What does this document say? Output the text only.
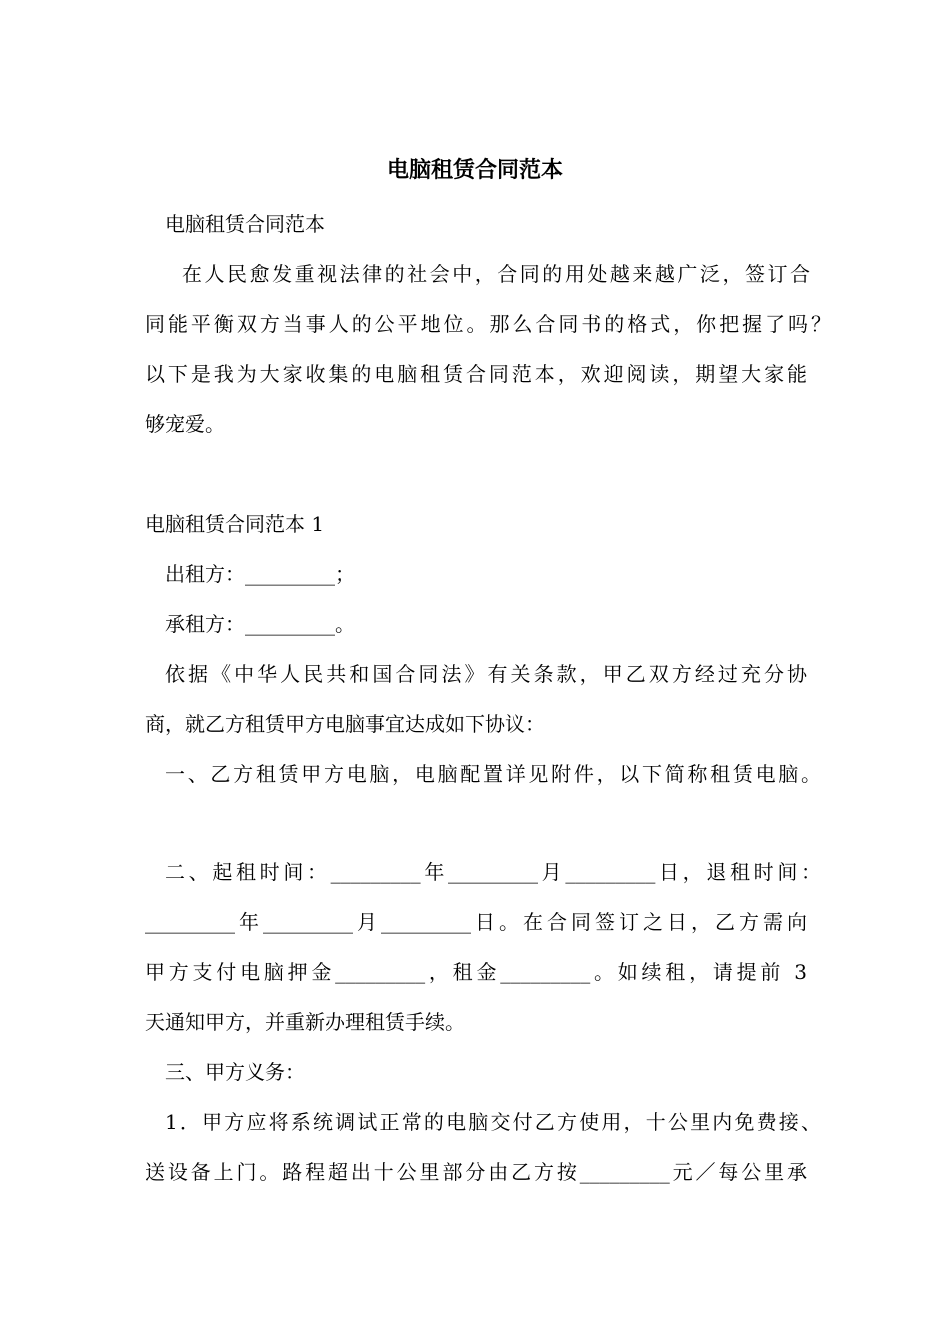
电脑租赁合同范本
电脑租赁合同范本
在人民愈发重视法律的社会中，合同的用处越来越广泛，签订合
同能平衡双方当事人的公平地位。那么合同书的格式，你把握了吗？
以下是我为大家收集的电脑租赁合同范本，欢迎阅读，期望大家能
够宠爱。
电脑租赁合同范本 1
出租方：_________；
承租方：_________。
依据《中华人民共和国合同法》有关条款，甲乙双方经过充分协
商，就乙方租赁甲方电脑事宜达成如下协议：
一、乙方租赁甲方电脑，电脑配置详见附件，以下简称租赁电脑。
二、起租时间：_________年_________月_________日，退租时间：
_________年_________月_________日。在合同签订之日，乙方需向
甲方支付电脑押金_________，租金_________。如续租，请提前 3
天通知甲方，并重新办理租赁手续。
三、甲方义务：
1．甲方应将系统调试正常的电脑交付乙方使用，十公里内免费接、
送设备上门。路程超出十公里部分由乙方按_________元／每公里承
